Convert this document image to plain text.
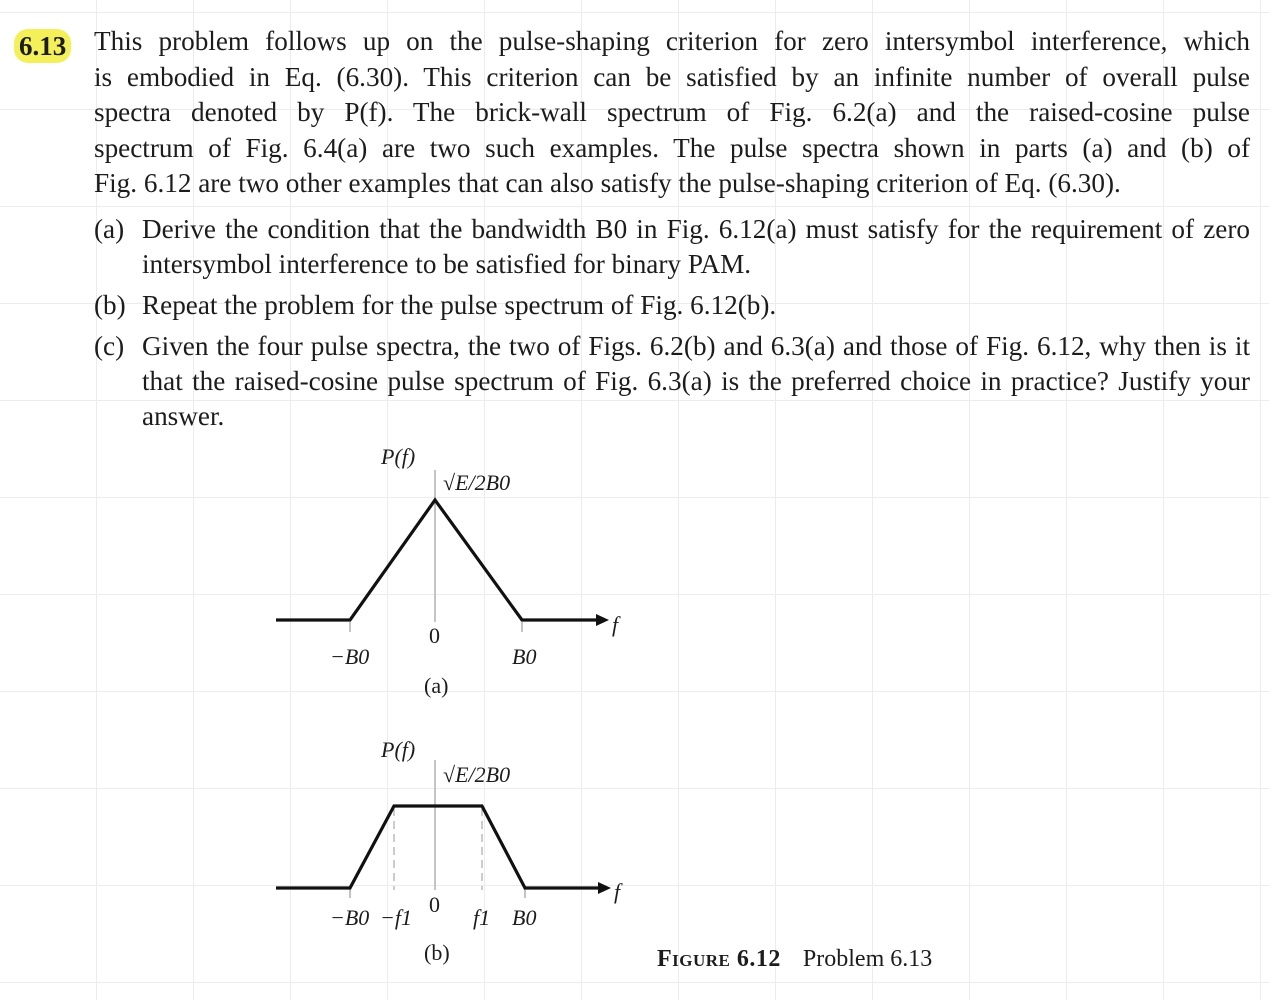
6.13 This problem follows up on the pulse-shaping criterion for zero intersymbol interference, which
is embodied in Eq. (6.30). This criterion can be satisfied by an infinite number of overall pulse
spectra denoted by P(f). The brick-wall spectrum of Fig. 6.2(a) and the raised-cosine pulse
spectrum of Fig. 6.4(a) are two such examples. The pulse spectra shown in parts (a) and (b) of
Fig. 6.12 are two other examples that can also satisfy the pulse-shaping criterion of Eq. (6.30).
(a) Derive the condition that the bandwidth B0 in Fig. 6.12(a) must satisfy for the requirement of zero intersymbol interference to be satisfied for binary PAM.
(b) Repeat the problem for the pulse spectrum of Fig. 6.12(b).
(c) Given the four pulse spectra, the two of Figs. 6.2(b) and 6.3(a) and those of Fig. 6.12, why then is it that the raised-cosine pulse spectrum of Fig. 6.3(a) is the preferred choice in practice? Justify your answer.
P(f)
√E/2B0
f
−B0
0
B0
(a)
P(f)
√E/2B0
f
−B0 −f1
0
f1 B0
(b)	Figure 6.12 Problem 6.13
